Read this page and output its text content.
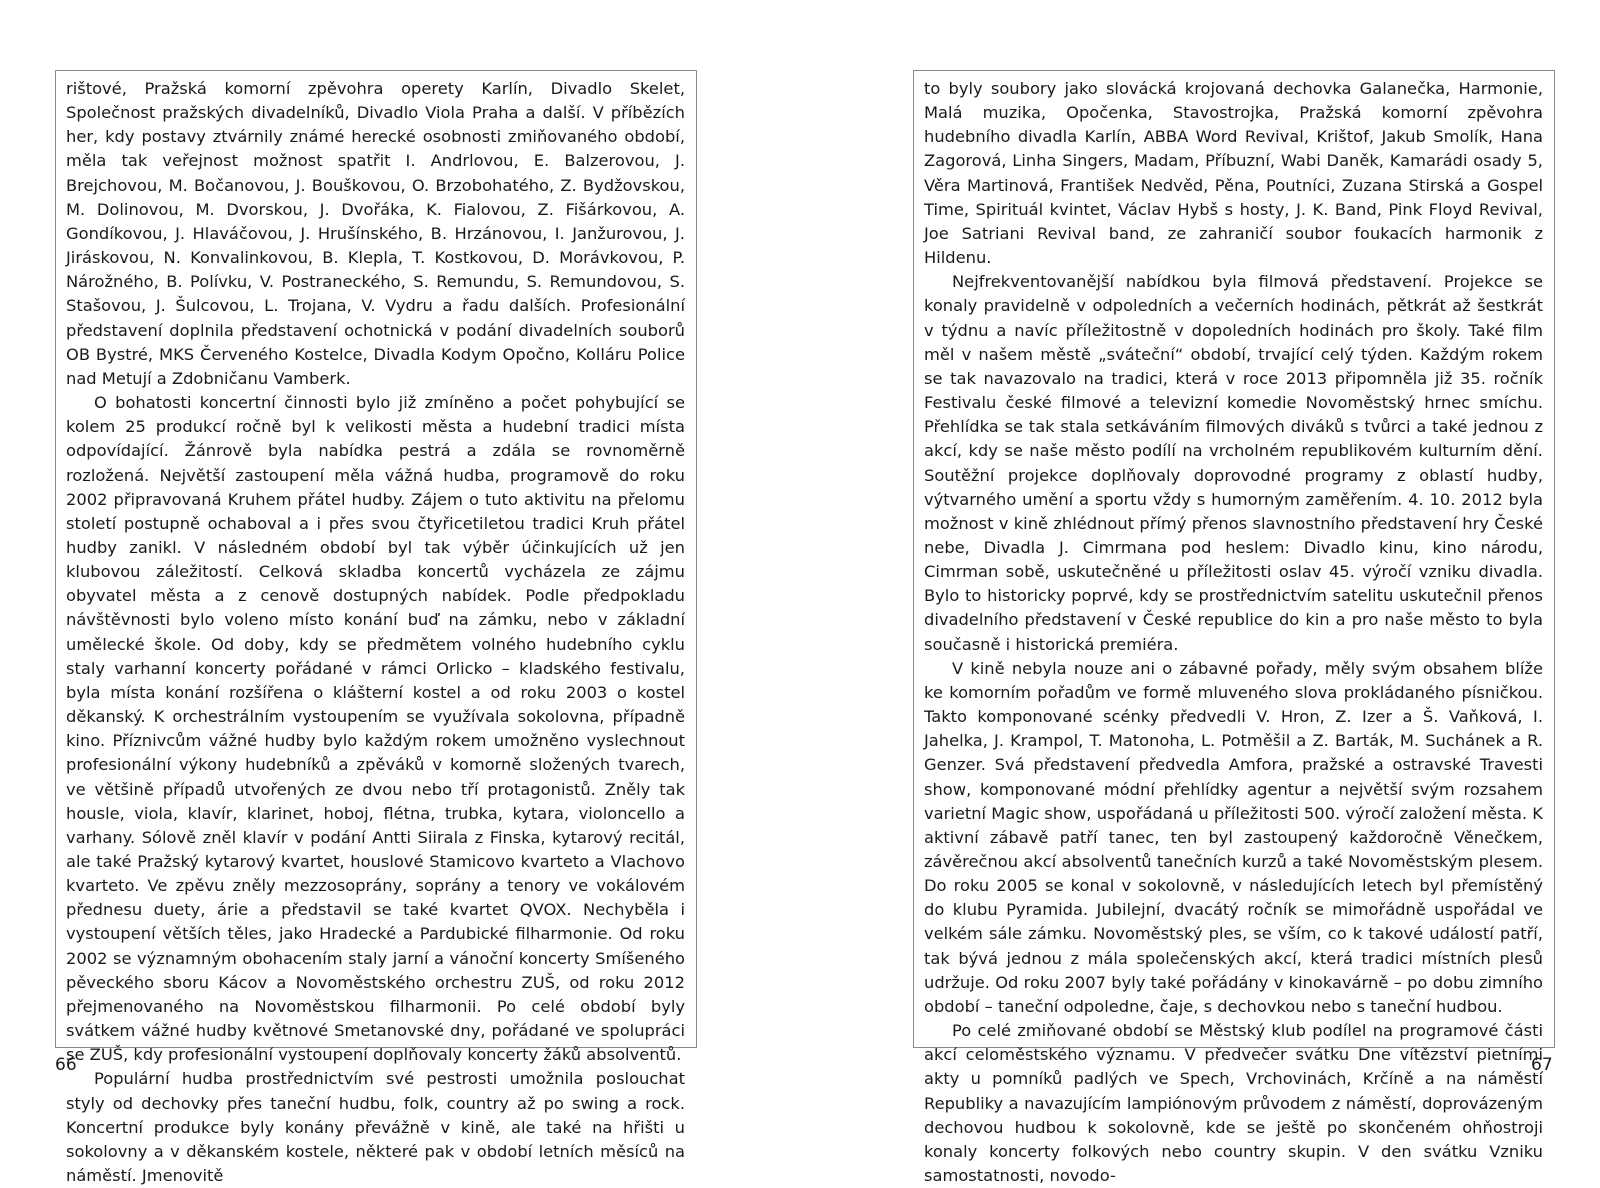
rištové, Pražská komorní zpěvohra operety Karlín, Divadlo Skelet, Společnost pražských divadelníků, Divadlo Viola Praha a další. V příbězích her, kdy postavy ztvárnily známé herecké osobnosti zmiňovaného období, měla tak veřejnost možnost spatřit I. Andrlovou, E. Balzerovou, J. Brejchovou, M. Bočanovou, J. Bouškovou, O. Brzobohatého, Z. Bydžovskou, M. Dolinovou, M. Dvorskou, J. Dvořáka, K. Fialovou, Z. Fišárkovou, A. Gondíkovou, J. Hlaváčovou, J. Hrušínského, B. Hrzánovou, I. Janžurovou, J. Jiráskovou, N. Konvalinkovou, B. Klepla, T. Kostkovou, D. Morávkovou, P. Nárožného, B. Polívku, V. Postraneckého, S. Remundu, S. Remundovou, S. Stašovou, J. Šulcovou, L. Trojana, V. Vydru a řadu dalších. Profesionální představení doplnila představení ochotnická v podání divadelních souborů OB Bystré, MKS Červeného Kostelce, Divadla Kodym Opočno, Kolláru Police nad Metují a Zdobničanu Vamberk.

O bohatosti koncertní činnosti bylo již zmíněno a počet pohybující se kolem 25 produkcí ročně byl k velikosti města a hudební tradici místa odpovídající. Žánrově byla nabídka pestrá a zdála se rovnoměrně rozložená. Největší zastoupení měla vážná hudba, programově do roku 2002 připravovaná Kruhem přátel hudby. Zájem o tuto aktivitu na přelomu století postupně ochaboval a i přes svou čtyřicetiletou tradici Kruh přátel hudby zanikl. V následném období byl tak výběr účinkujících už jen klubovou záležitostí. Celková skladba koncertů vycházela ze zájmu obyvatel města a z cenově dostupných nabídek. Podle předpokladu návštěvnosti bylo voleno místo konání buď na zámku, nebo v základní umělecké škole. Od doby, kdy se předmětem volného hudebního cyklu staly varhanní koncerty pořádané v rámci Orlicko – kladského festivalu, byla místa konání rozšířena o klášterní kostel a od roku 2003 o kostel děkanský. K orchestrálním vystoupením se využívala sokolovna, případně kino. Příznivcům vážné hudby bylo každým rokem umožněno vyslechnout profesionální výkony hudebníků a zpěváků v komorně složených tvarech, ve většině případů utvořených ze dvou nebo tří protagonistů. Zněly tak housle, viola, klavír, klarinet, hoboj, flétna, trubka, kytara, violoncello a varhany. Sólově zněl klavír v podání Antti Siirala z Finska, kytarový recitál, ale také Pražský kytarový kvartet, houslové Stamicovo kvarteto a Vlachovo kvarteto. Ve zpěvu zněly mezzosoprány, soprány a tenory ve vokálovém přednesu duety, árie a představil se také kvartet QVOX. Nechyběla i vystoupení větších těles, jako Hradecké a Pardubické filharmonie. Od roku 2002 se významným obohacením staly jarní a vánoční koncerty Smíšeného pěveckého sboru Kácov a Novoměstského orchestru ZUŠ, od roku 2012 přejmenovaného na Novoměstskou filharmonii. Po celé období byly svátkem vážné hudby květnové Smetanovské dny, pořádané ve spolupráci se ZUŠ, kdy profesionální vystoupení doplňovaly koncerty žáků absolventů.

Populární hudba prostřednictvím své pestrosti umožnila poslouchat styly od dechovky přes taneční hudbu, folk, country až po swing a rock. Koncertní produkce byly konány převážně v kině, ale také na hřišti u sokolovny a v děkanském kostele, některé pak v období letních měsíců na náměstí. Jmenovitě

to byly soubory jako slovácká krojovaná dechovka Galanečka, Harmonie, Malá muzika, Opočenka, Stavostrojka, Pražská komorní zpěvohra hudebního divadla Karlín, ABBA Word Revival, Krištof, Jakub Smolík, Hana Zagorová, Linha Singers, Madam, Příbuzní, Wabi Daněk, Kamarádi osady 5, Věra Martinová, František Nedvěd, Pěna, Poutníci, Zuzana Stirská a Gospel Time, Spirituál kvintet, Václav Hybš s hosty, J. K. Band, Pink Floyd Revival, Joe Satriani Revival band, ze zahraničí soubor foukacích harmonik z Hildenu.

Nejfrekventovanější nabídkou byla filmová představení. Projekce se konaly pravidelně v odpoledních a večerních hodinách, pětkrát až šestkrát v týdnu a navíc příležitostně v dopoledních hodinách pro školy. Také film měl v našem městě „sváteční“ období, trvající celý týden. Každým rokem se tak navazovalo na tradici, která v roce 2013 připomněla již 35. ročník Festivalu české filmové a televizní komedie Novoměstský hrnec smíchu. Přehlídka se tak stala setkáváním filmových diváků s tvůrci a také jednou z akcí, kdy se naše město podílí na vrcholném republikovém kulturním dění. Soutěžní projekce doplňovaly doprovodné programy z oblastí hudby, výtvarného umění a sportu vždy s humorným zaměřením. 4. 10. 2012 byla možnost v kině zhlédnout přímý přenos slavnostního představení hry České nebe, Divadla J. Cimrmana pod heslem: Divadlo kinu, kino národu, Cimrman sobě, uskutečněné u příležitosti oslav 45. výročí vzniku divadla. Bylo to historicky poprvé, kdy se prostřednictvím satelitu uskutečnil přenos divadelního představení v České republice do kin a pro naše město to byla současně i historická premiéra.

V kině nebyla nouze ani o zábavné pořady, měly svým obsahem blíže ke komorním pořadům ve formě mluveného slova prokládaného písničkou. Takto komponované scénky předvedli V. Hron, Z. Izer a Š. Vaňková, I. Jahelka, J. Krampol, T. Matonoha, L. Potměšil a Z. Barták, M. Suchánek a R. Genzer. Svá představení předvedla Amfora, pražské a ostravské Travesti show, komponované módní přehlídky agentur a největší svým rozsahem varietní Magic show, uspořádaná u příležitosti 500. výročí založení města. K aktivní zábavě patří tanec, ten byl zastoupený každoročně Věnečkem, závěrečnou akcí absolventů tanečních kurzů a také Novoměstským plesem. Do roku 2005 se konal v sokolovně, v následujících letech byl přemístěný do klubu Pyramida. Jubilejní, dvacátý ročník se mimořádně uspořádal ve velkém sále zámku. Novoměstský ples, se vším, co k takové událostí patří, tak bývá jednou z mála společenských akcí, která tradici místních plesů udržuje. Od roku 2007 byly také pořádány v kinokavárně – po dobu zimního období – taneční odpoledne, čaje, s dechovkou nebo s taneční hudbou.

Po celé zmiňované období se Městský klub podílel na programové části akcí celoměstského významu. V předvečer svátku Dne vítězství pietními akty u pomníků padlých ve Spech, Vrchovinách, Krčíně a na náměstí Republiky a navazujícím lampiónovým průvodem z náměstí, doprovázeným dechovou hudbou k sokolovně, kde se ještě po skončeném ohňostroji konaly koncerty folkových nebo country skupin. V den svátku Vzniku samostatnosti, novodo-

66	67
